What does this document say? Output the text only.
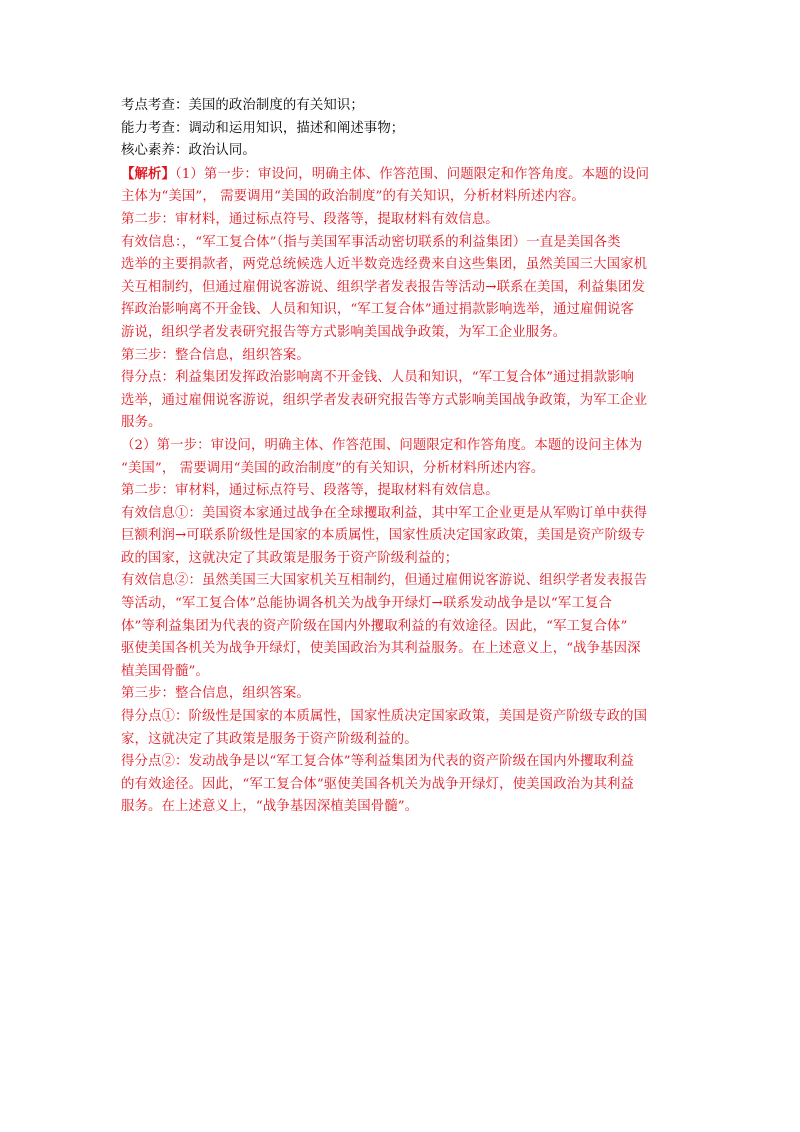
考点考查：美国的政治制度的有关知识；
能力考查：调动和运用知识，描述和阐述事物；
核心素养：政治认同。
【解析】（1）第一步：审设问，明确主体、作答范围、问题限定和作答角度。本题的设问
主体为“美国”， 需要调用“美国的政治制度”的有关知识，分析材料所述内容。
第二步：审材料，通过标点符号、段落等，提取材料有效信息。
有效信息：，“军工复合体”（指与美国军事活动密切联系的利益集团）一直是美国各类
选举的主要捐款者，两党总统候选人近半数竞选经费来自这些集团，虽然美国三大国家机
关互相制约，但通过雇佣说客游说、组织学者发表报告等活动→联系在美国，利益集团发
挥政治影响离不开金钱、人员和知识，“军工复合体”通过捐款影响选举，通过雇佣说客
游说，组织学者发表研究报告等方式影响美国战争政策，为军工企业服务。
第三步：整合信息，组织答案。
得分点：利益集团发挥政治影响离不开金钱、人员和知识，“军工复合体”通过捐款影响
选举，通过雇佣说客游说，组织学者发表研究报告等方式影响美国战争政策，为军工企业
服务。
（2）第一步：审设问，明确主体、作答范围、问题限定和作答角度。本题的设问主体为
“美国”， 需要调用“美国的政治制度”的有关知识，分析材料所述内容。
第二步：审材料，通过标点符号、段落等，提取材料有效信息。
有效信息①：美国资本家通过战争在全球攫取利益，其中军工企业更是从军购订单中获得
巨额利润→可联系阶级性是国家的本质属性，国家性质决定国家政策，美国是资产阶级专
政的国家，这就决定了其政策是服务于资产阶级利益的；
有效信息②：虽然美国三大国家机关互相制约，但通过雇佣说客游说、组织学者发表报告
等活动，“军工复合体”总能协调各机关为战争开绿灯→联系发动战争是以“军工复合
体”等利益集团为代表的资产阶级在国内外攫取利益的有效途径。因此，“军工复合体”
驱使美国各机关为战争开绿灯，使美国政治为其利益服务。在上述意义上，“战争基因深
植美国骨髓”。
第三步：整合信息，组织答案。
得分点①：阶级性是国家的本质属性，国家性质决定国家政策，美国是资产阶级专政的国
家，这就决定了其政策是服务于资产阶级利益的。
得分点②：发动战争是以“军工复合体”等利益集团为代表的资产阶级在国内外攫取利益
的有效途径。因此，“军工复合体”驱使美国各机关为战争开绿灯，使美国政治为其利益
服务。在上述意义上，“战争基因深植美国骨髓”。
